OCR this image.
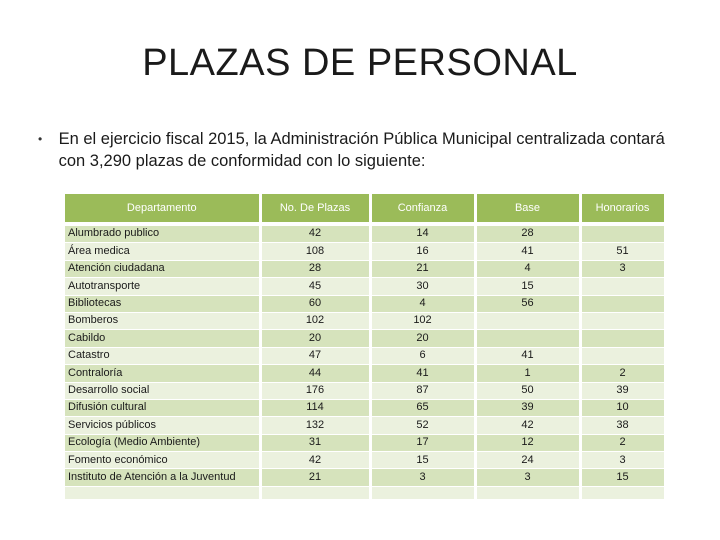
PLAZAS DE PERSONAL
• En el ejercicio fiscal 2015, la Administración Pública Municipal centralizada contará con 3,290 plazas de conformidad con lo siguiente:
Departamento	No. De Plazas	Confianza	Base	Honorarios
Alumbrado publico	42	14	28	
Área medica	108	16	41	51
Atención ciudadana	28	21	4	3
Autotransporte	45	30	15	
Bibliotecas	60	4	56	
Bomberos	102	102		
Cabildo	20	20		
Catastro	47	6	41	
Contraloría	44	41	1	2
Desarrollo social	176	87	50	39
Difusión cultural	114	65	39	10
Servicios públicos	132	52	42	38
Ecología (Medio Ambiente)	31	17	12	2
Fomento económico	42	15	24	3
Instituto de Atención a la Juventud	21	3	3	15
